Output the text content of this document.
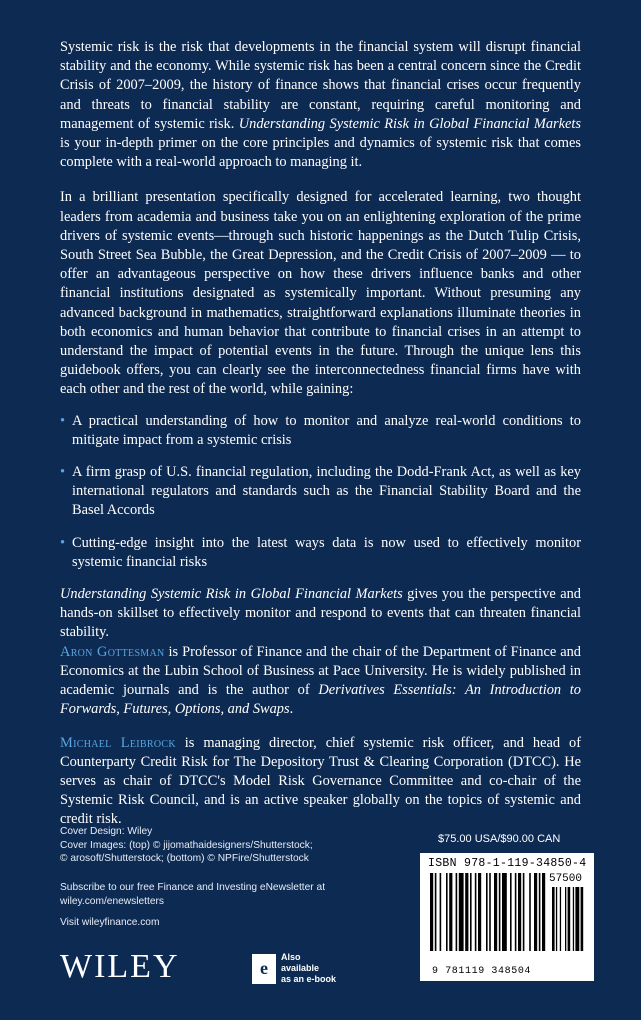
Systemic risk is the risk that developments in the financial system will disrupt financial stability and the economy. While systemic risk has been a central concern since the Credit Crisis of 2007–2009, the history of finance shows that financial crises occur frequently and threats to financial stability are constant, requiring careful monitoring and management of systemic risk. Understanding Systemic Risk in Global Financial Markets is your in-depth primer on the core principles and dynamics of systemic risk that comes complete with a real-world approach to managing it.

In a brilliant presentation specifically designed for accelerated learning, two thought leaders from academia and business take you on an enlightening exploration of the prime drivers of systemic events—through such historic happenings as the Dutch Tulip Crisis, South Street Sea Bubble, the Great Depression, and the Credit Crisis of 2007–2009 — to offer an advantageous perspective on how these drivers influence banks and other financial institutions designated as systemically important. Without presuming any advanced background in mathematics, straightforward explanations illuminate theories in both economics and human behavior that contribute to financial crises in an attempt to understand the impact of potential events in the future. Through the unique lens this guidebook offers, you can clearly see the interconnectedness financial firms have with each other and the rest of the world, while gaining:

• A practical understanding of how to monitor and analyze real-world conditions to mitigate impact from a systemic crisis
• A firm grasp of U.S. financial regulation, including the Dodd-Frank Act, as well as key international regulators and standards such as the Financial Stability Board and the Basel Accords
• Cutting-edge insight into the latest ways data is now used to effectively monitor systemic financial risks

Understanding Systemic Risk in Global Financial Markets gives you the perspective and hands-on skillset to effectively monitor and respond to events that can threaten financial stability.

Aron Gottesman is Professor of Finance and the chair of the Department of Finance and Economics at the Lubin School of Business at Pace University. He is widely published in academic journals and is the author of Derivatives Essentials: An Introduction to Forwards, Futures, Options, and Swaps.

Michael Leibrock is managing director, chief systemic risk officer, and head of Counterparty Credit Risk for The Depository Trust & Clearing Corporation (DTCC). He serves as chair of DTCC's Model Risk Governance Committee and co-chair of the Systemic Risk Council, and is an active speaker globally on the topics of systemic and credit risk.

Cover Design: Wiley
Cover Images: (top) © jijomathaidesigners/Shutterstock;
© arosoft/Shutterstock; (bottom) © NPFire/Shutterstock
Subscribe to our free Finance and Investing eNewsletter at
wiley.com/enewsletters
Visit wileyfinance.com
WILEY	e
Also available
as an e-book
$75.00 USA/$90.00 CAN
ISBN 978-1-119-34850-4
57500
9 781119 348504
